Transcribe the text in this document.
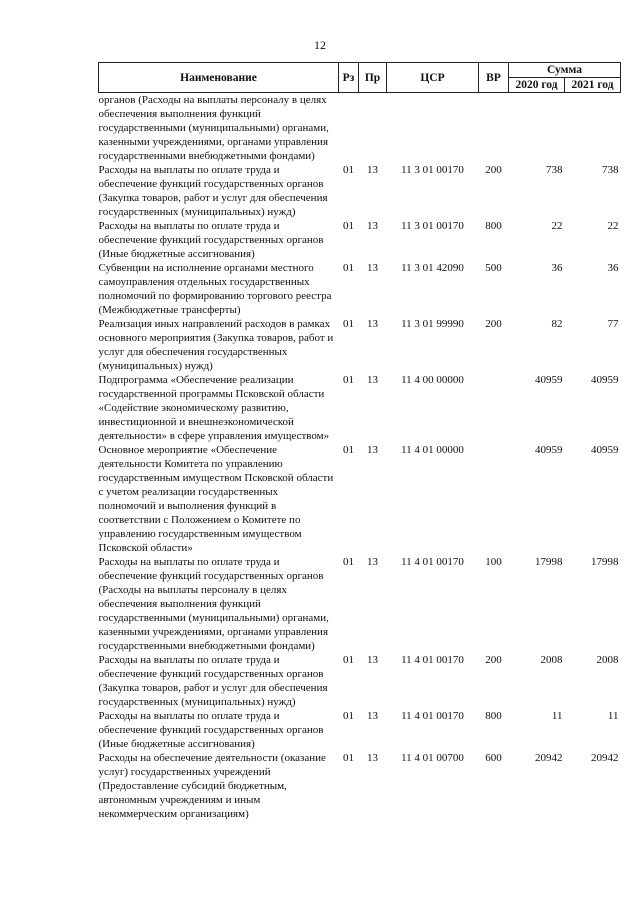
12
Наименование	Рз	Пр	ЦСР	ВР	Сумма	
					2020 год	2021 год
органов (Расходы на выплаты персоналу в целях обеспечения выполнения функций государственными (муниципальными) органами, казенными учреждениями, органами управления государственными внебюджетными фондами)						
Расходы на выплаты по оплате труда и обеспечение функций государственных органов (Закупка товаров, работ и услуг для обеспечения государственных (муниципальных) нужд)	01	13	11 3 01 00170	200	738	738
Расходы на выплаты по оплате труда и обеспечение функций государственных органов (Иные бюджетные ассигнования)	01	13	11 3 01 00170	800	22	22
Субвенции на исполнение органами местного самоуправления отдельных государственных полномочий по формированию торгового реестра (Межбюджетные трансферты)	01	13	11 3 01 42090	500	36	36
Реализация иных направлений расходов в рамках основного мероприятия (Закупка товаров, работ и услуг для обеспечения государственных (муниципальных) нужд)	01	13	11 3 01 99990	200	82	77
Подпрограмма «Обеспечение реализации государственной программы Псковской области «Содействие экономическому развитию, инвестиционной и внешнеэкономической деятельности» в сфере управления имуществом»	01	13	11 4 00 00000		40959	40959
Основное мероприятие «Обеспечение деятельности Комитета по управлению государственным имуществом Псковской области с учетом реализации государственных полномочий и выполнения функций в соответствии с Положением о Комитете по управлению государственным имуществом Псковской области»	01	13	11 4 01 00000		40959	40959
Расходы на выплаты по оплате труда и обеспечение функций государственных органов (Расходы на выплаты персоналу в целях обеспечения выполнения функций государственными (муниципальными) органами, казенными учреждениями, органами управления государственными внебюджетными фондами)	01	13	11 4 01 00170	100	17998	17998
Расходы на выплаты по оплате труда и обеспечение функций государственных органов (Закупка товаров, работ и услуг для обеспечения государственных (муниципальных) нужд)	01	13	11 4 01 00170	200	2008	2008
Расходы на выплаты по оплате труда и обеспечение функций государственных органов (Иные бюджетные ассигнования)	01	13	11 4 01 00170	800	11	11
Расходы на обеспечение деятельности (оказание услуг) государственных учреждений (Предоставление субсидий бюджетным, автономным учреждениям и иным некоммерческим организациям)	01	13	11 4 01 00700	600	20942	20942
